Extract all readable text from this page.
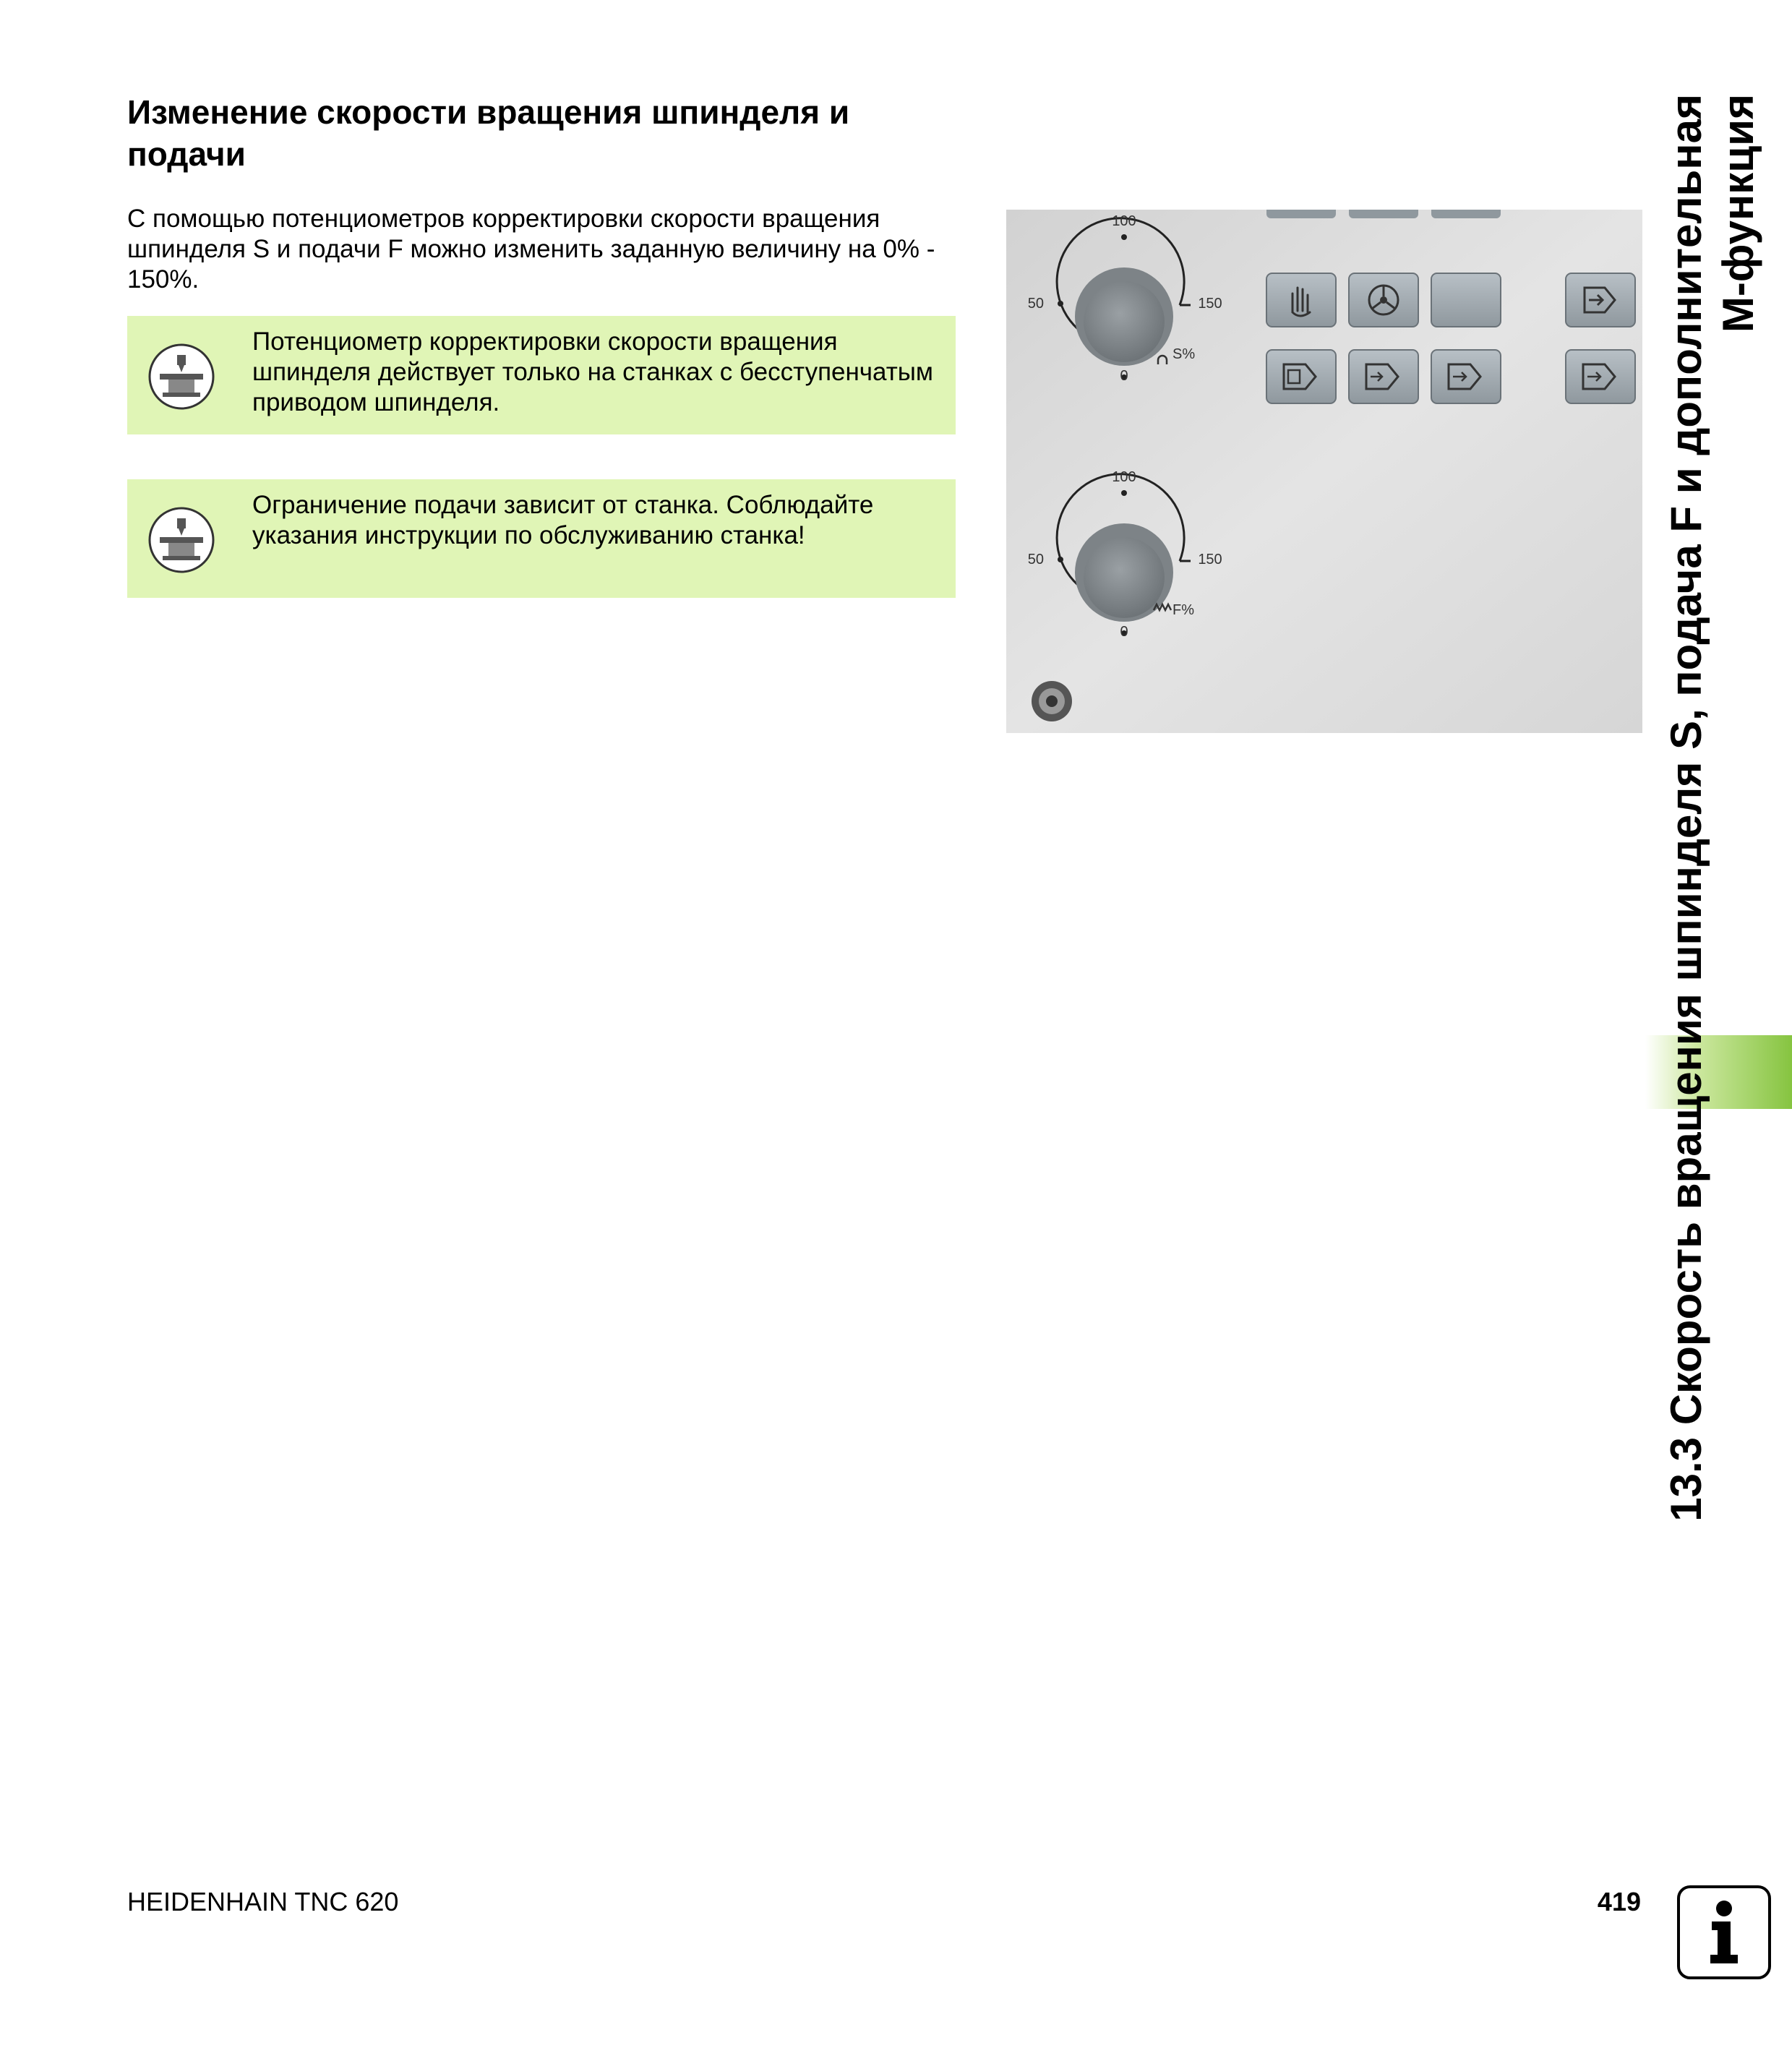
Изменение скорости вращения шпинделя и подачи

С помощью потенциометров корректировки скорости вращения шпинделя S и подачи F можно изменить заданную величину на 0% - 150%.

Потенциометр корректировки скорости вращения шпинделя действует только на станках с бесступенчатым приводом шпинделя.
Ограничение подачи зависит от станка. Соблюдайте указания инструкции по обслуживанию станка!
100
50	150
0
S%
100
50	150
0
F%	13.3 Скорость вращения шпинделя S, подача F и дополнительная М-функция
HEIDENHAIN TNC 620	419
